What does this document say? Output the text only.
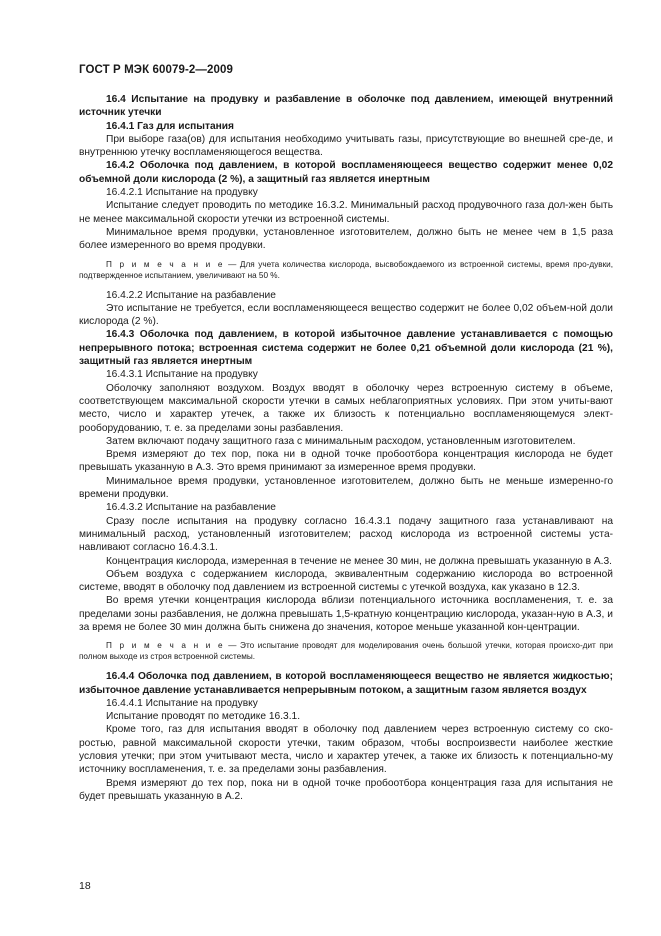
ГОСТ Р МЭК 60079-2—2009

16.4 Испытание на продувку и разбавление в оболочке под давлением, имеющей внутренний источник утечки

16.4.1 Газ для испытания

При выборе газа(ов) для испытания необходимо учитывать газы, присутствующие во внешней сре-де, и внутреннюю утечку воспламеняющегося вещества.

16.4.2 Оболочка под давлением, в которой воспламеняющееся вещество содержит менее 0,02 объемной доли кислорода (2 %), а защитный газ является инертным

16.4.2.1 Испытание на продувку

Испытание следует проводить по методике 16.3.2. Минимальный расход продувочного газа дол-жен быть не менее максимальной скорости утечки из встроенной системы.

Минимальное время продувки, установленное изготовителем, должно быть не менее чем в 1,5 раза более измеренного во время продувки.

П р и м е ч а н и е — Для учета количества кислорода, высвобождаемого из встроенной системы, время про-дувки, подтвержденное испытанием, увеличивают на 50 %.

16.4.2.2 Испытание на разбавление

Это испытание не требуется, если воспламеняющееся вещество содержит не более 0,02 объем-ной доли кислорода (2 %).

16.4.3 Оболочка под давлением, в которой избыточное давление устанавливается с помощью непрерывного потока; встроенная система содержит не более 0,21 объемной доли кислорода (21 %), защитный газ является инертным

16.4.3.1 Испытание на продувку

Оболочку заполняют воздухом. Воздух вводят в оболочку через встроенную систему в объеме, соответствующем максимальной скорости утечки в самых неблагоприятных условиях. При этом учиты-вают место, число и характер утечек, а также их близость к потенциально воспламеняющемуся элект-рооборудованию, т. е. за пределами зоны разбавления.

Затем включают подачу защитного газа с минимальным расходом, установленным изготовителем.

Время измеряют до тех пор, пока ни в одной точке пробоотбора концентрация кислорода не будет превышать указанную в А.3. Это время принимают за измеренное время продувки.

Минимальное время продувки, установленное изготовителем, должно быть не меньше измеренно-го времени продувки.

16.4.3.2 Испытание на разбавление

Сразу после испытания на продувку согласно 16.4.3.1 подачу защитного газа устанавливают на минимальный расход, установленный изготовителем; расход кислорода из встроенной системы уста-навливают согласно 16.4.3.1.

Концентрация кислорода, измеренная в течение не менее 30 мин, не должна превышать указанную в А.3.

Объем воздуха с содержанием кислорода, эквивалентным содержанию кислорода во встроенной системе, вводят в оболочку под давлением из встроенной системы с утечкой воздуха, как указано в 12.3.

Во время утечки концентрация кислорода вблизи потенциального источника воспламенения, т. е. за пределами зоны разбавления, не должна превышать 1,5-кратную концентрацию кислорода, указан-ную в А.3, и за время не более 30 мин должна быть снижена до значения, которое меньше указанной кон-центрации.

П р и м е ч а н и е — Это испытание проводят для моделирования очень большой утечки, которая происхо-дит при полном выходе из строя встроенной системы.

16.4.4 Оболочка под давлением, в которой воспламеняющееся вещество не является жидкостью; избыточное давление устанавливается непрерывным потоком, а защитным газом является воздух

16.4.4.1 Испытание на продувку

Испытание проводят по методике 16.3.1.

Кроме того, газ для испытания вводят в оболочку под давлением через встроенную систему со ско-ростью, равной максимальной скорости утечки, таким образом, чтобы воспроизвести наиболее жесткие условия утечки; при этом учитывают места, число и характер утечек, а также их близость к потенциально-му источнику воспламенения, т. е. за пределами зоны разбавления.

Время измеряют до тех пор, пока ни в одной точке пробоотбора концентрация газа для испытания не будет превышать указанную в А.2.

18
